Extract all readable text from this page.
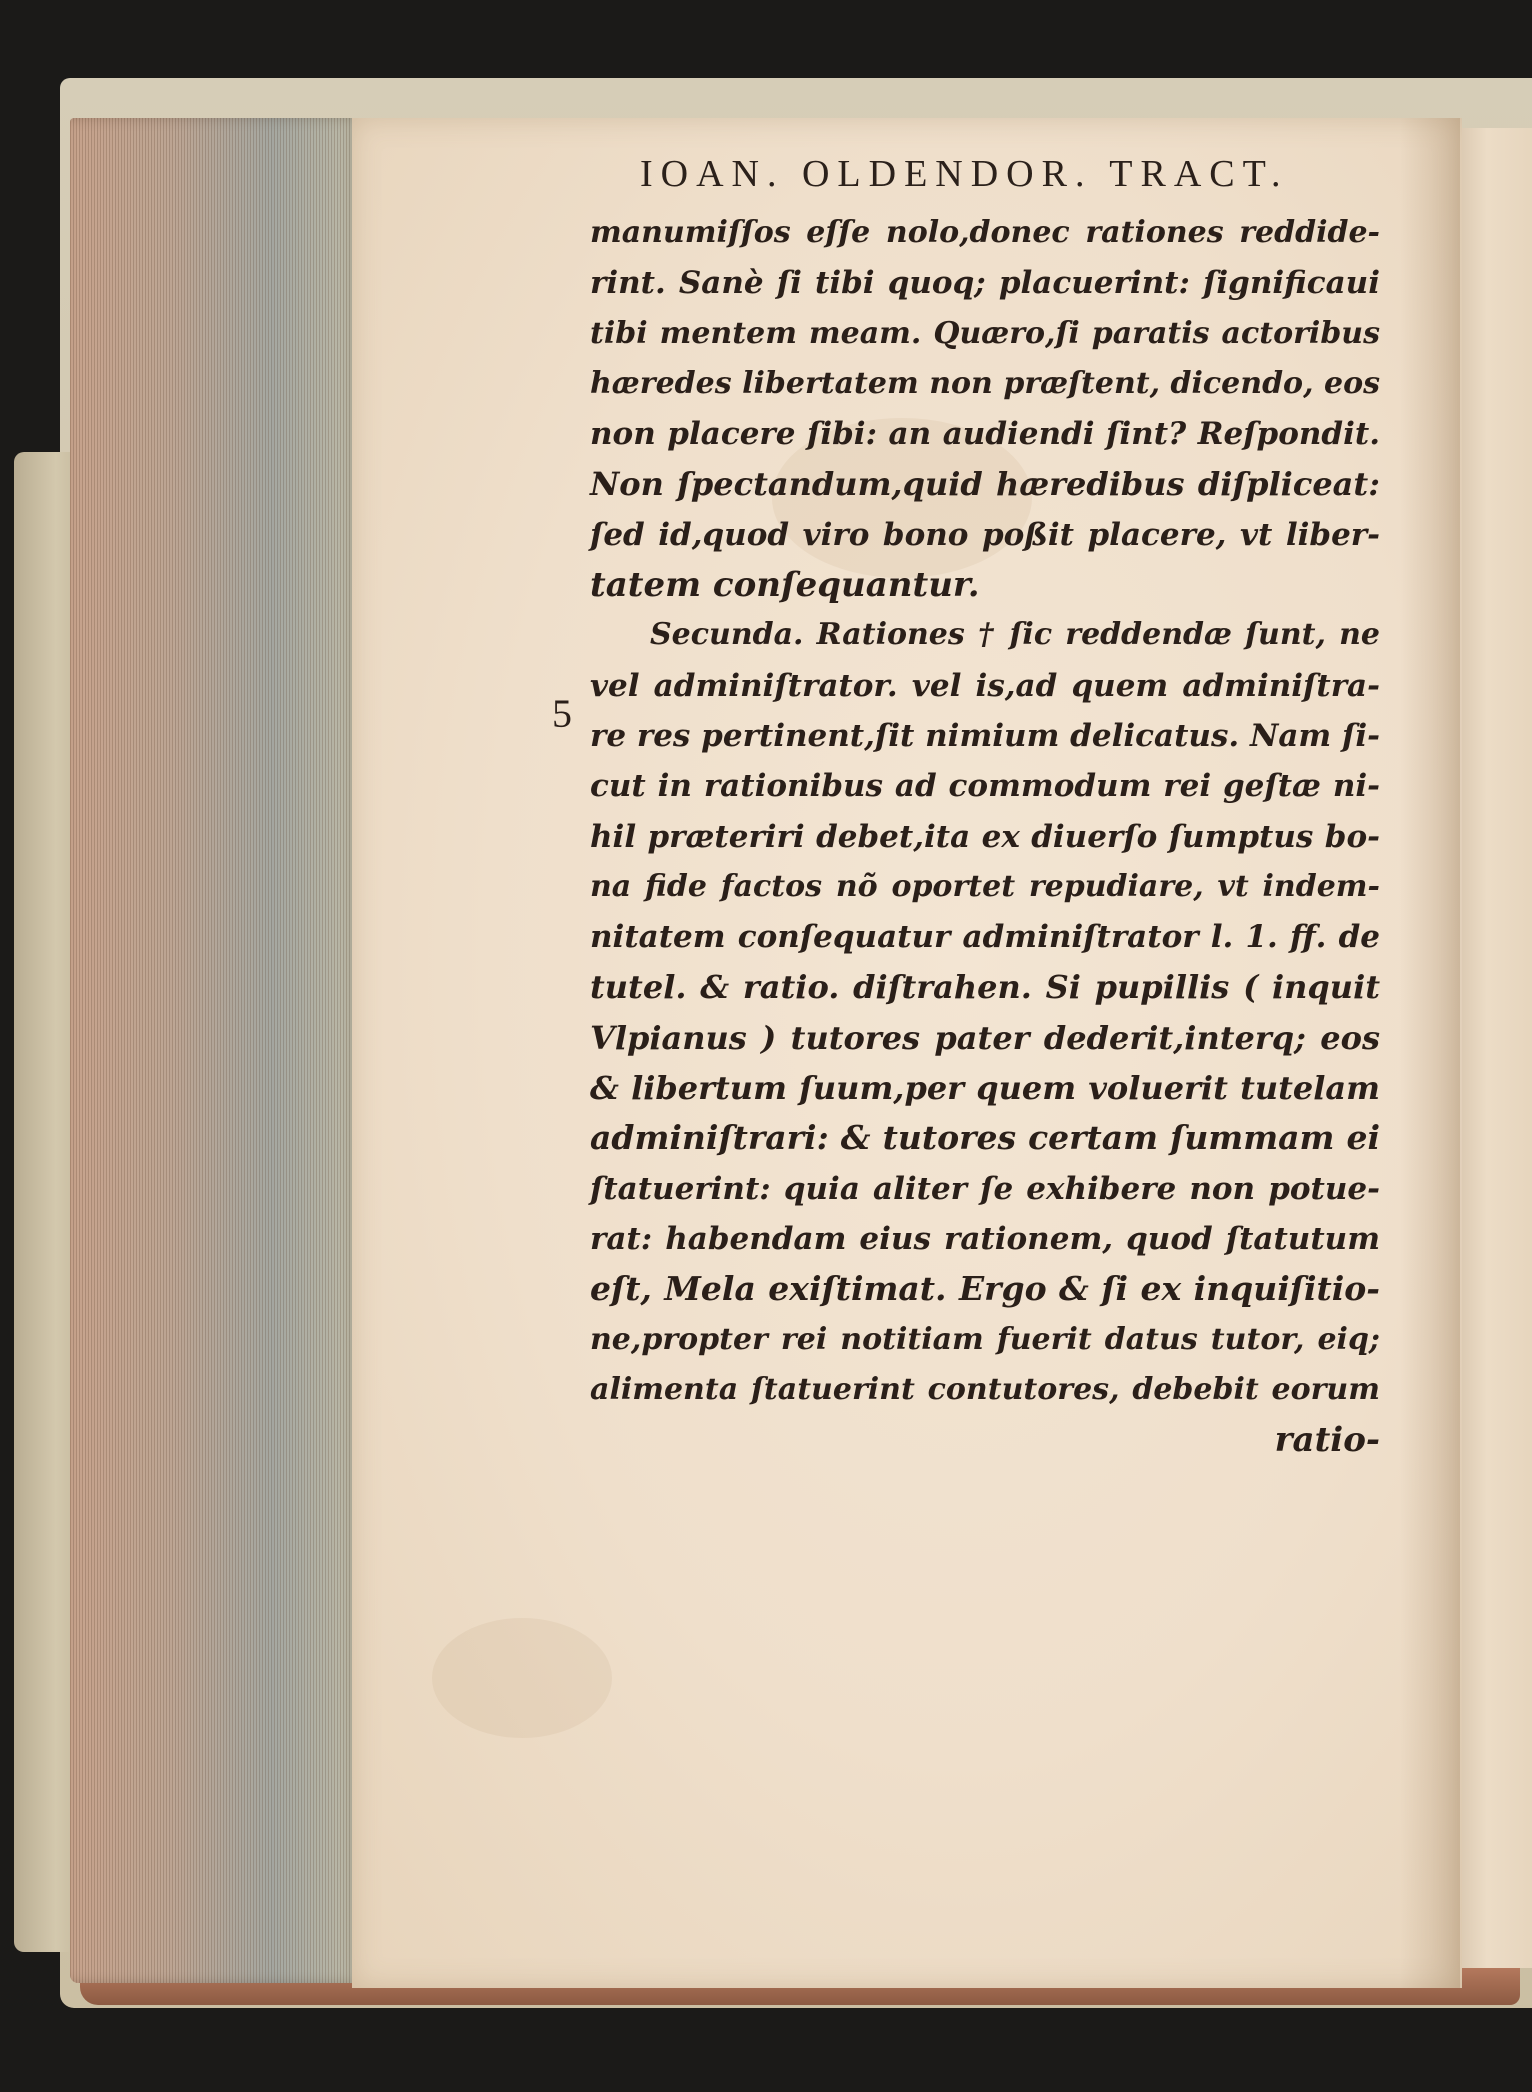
IOAN. OLDENDOR. TRACT.
5
manumiſſos eſſe nolo,donec rationes reddide-
rint. Sanè ſi tibi quoq; placuerint: ſignificaui
tibi mentem meam. Quæro,ſi paratis actoribus
hæredes libertatem non præſtent, dicendo, eos
non placere ſibi: an audiendi ſint? Reſpondit.
Non ſpectandum,quid hæredibus diſpliceat:
ſed id,quod viro bono poßit placere, vt liber-
tatem conſequantur.
Secunda. Rationes † ſic reddendæ ſunt, ne
vel adminiſtrator. vel is,ad quem adminiſtra-
re res pertinent,ſit nimium delicatus. Nam ſi-
cut in rationibus ad commodum rei geſtæ ni-
hil præteriri debet,ita ex diuerſo ſumptus bo-
na fide factos nõ oportet repudiare, vt indem-
nitatem conſequatur adminiſtrator l. 1. ff. de
tutel. & ratio. diſtrahen. Si pupillis ( inquit
Vlpianus ) tutores pater dederit,interq; eos
& libertum ſuum,per quem voluerit tutelam
adminiſtrari: & tutores certam ſummam ei
ſtatuerint: quia aliter ſe exhibere non potue-
rat: habendam eius rationem, quod ſtatutum
eſt, Mela exiſtimat. Ergo & ſi ex inquiſitio-
ne,propter rei notitiam fuerit datus tutor, eiq;
alimenta ſtatuerint contutores, debebit eorum
ratio-
